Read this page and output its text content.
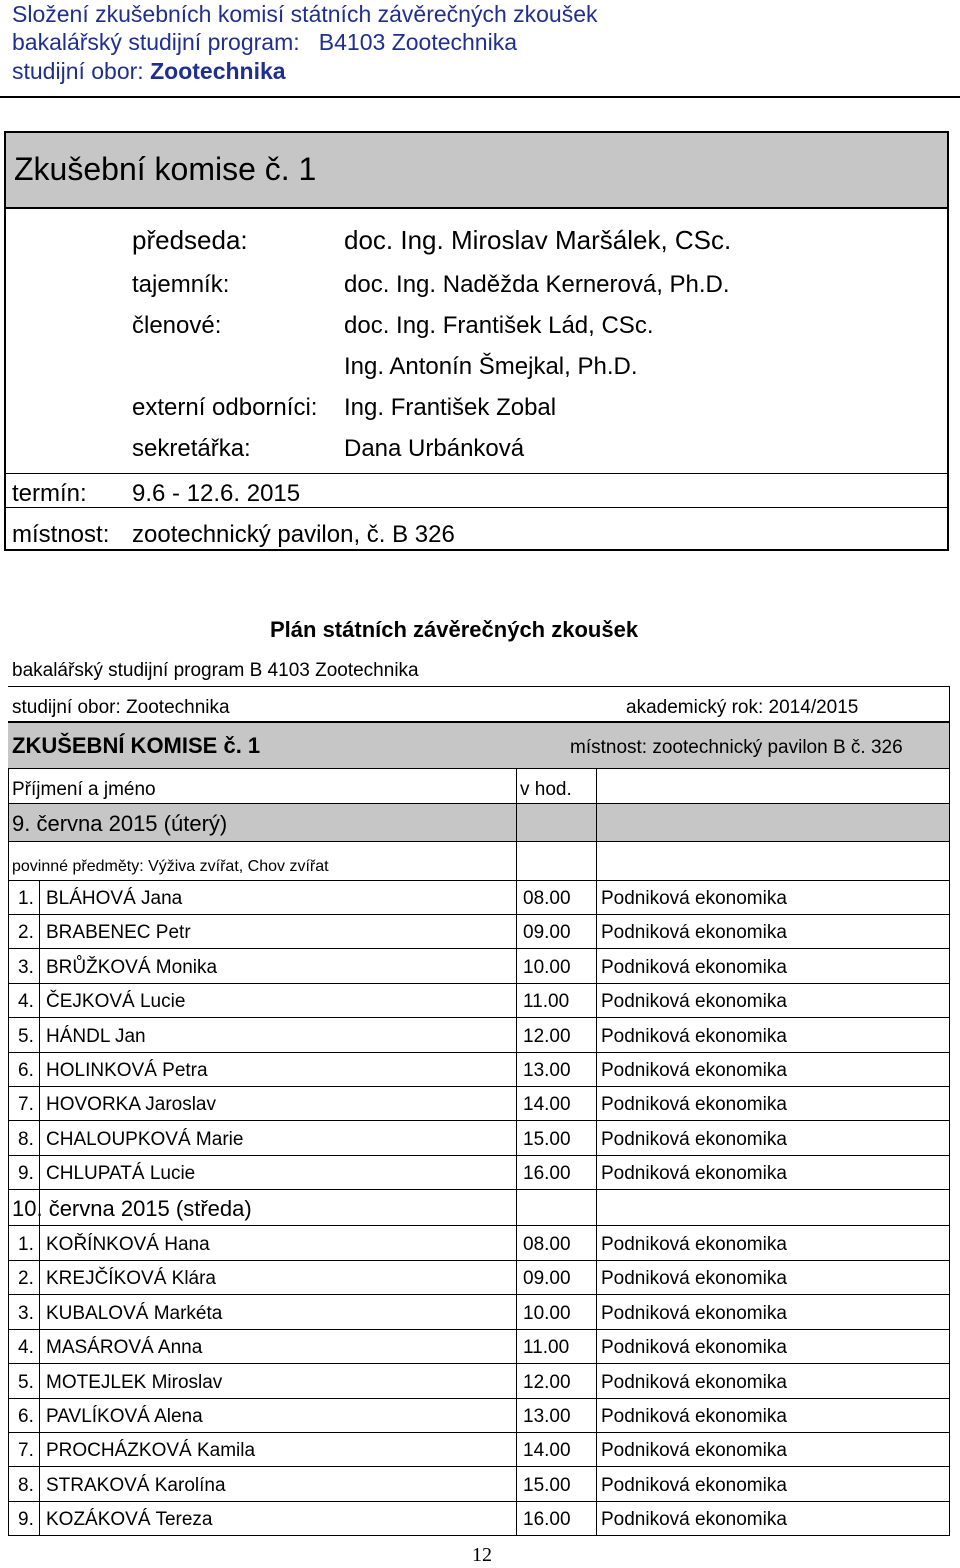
Složení zkušebních komisí státních závěrečných zkoušek
bakalářský studijní program: B4103 Zootechnika
studijní obor: Zootechnika
Zkušební komise č. 1
předseda:	doc. Ing. Miroslav Maršálek, CSc.
tajemník:	doc. Ing. Naděžda Kernerová, Ph.D.
členové:	doc. Ing. František Lád, CSc.
Ing. Antonín Šmejkal, Ph.D.
externí odborníci: Ing. František Zobal
sekretářka:	Dana Urbánková
termín: 9.6 - 12.6. 2015
místnost: zootechnický pavilon, č. B 326
Plán státních závěrečných zkoušek
bakalářský studijní program B 4103 Zootechnika
studijní obor: Zootechnika	akademický rok: 2014/2015
ZKUŠEBNÍ KOMISE č. 1	místnost: zootechnický pavilon B č. 326
Příjmení a jméno	v hod.
9. června 2015 (úterý)
povinné předměty: Výživa zvířat, Chov zvířat
1. BLÁHOVÁ Jana	08.00 Podniková ekonomika
2. BRABENEC Petr	09.00 Podniková ekonomika
3. BRŮŽKOVÁ Monika	10.00 Podniková ekonomika
4. ČEJKOVÁ Lucie	11.00 Podniková ekonomika
5. HÁNDL Jan	12.00 Podniková ekonomika
6. HOLINKOVÁ Petra	13.00 Podniková ekonomika
7. HOVORKA Jaroslav	14.00 Podniková ekonomika
8. CHALOUPKOVÁ Marie	15.00 Podniková ekonomika
9. CHLUPATÁ Lucie	16.00 Podniková ekonomika
10. června 2015 (středa)
1. KOŘÍNKOVÁ Hana	08.00 Podniková ekonomika
2. KREJČÍKOVÁ Klára	09.00 Podniková ekonomika
3. KUBALOVÁ Markéta	10.00 Podniková ekonomika
4. MASÁROVÁ Anna	11.00 Podniková ekonomika
5. MOTEJLEK Miroslav	12.00 Podniková ekonomika
6. PAVLÍKOVÁ Alena	13.00 Podniková ekonomika
7. PROCHÁZKOVÁ Kamila	14.00 Podniková ekonomika
8. STRAKOVÁ Karolína	15.00 Podniková ekonomika
9. KOZÁKOVÁ Tereza	16.00 Podniková ekonomika
12
